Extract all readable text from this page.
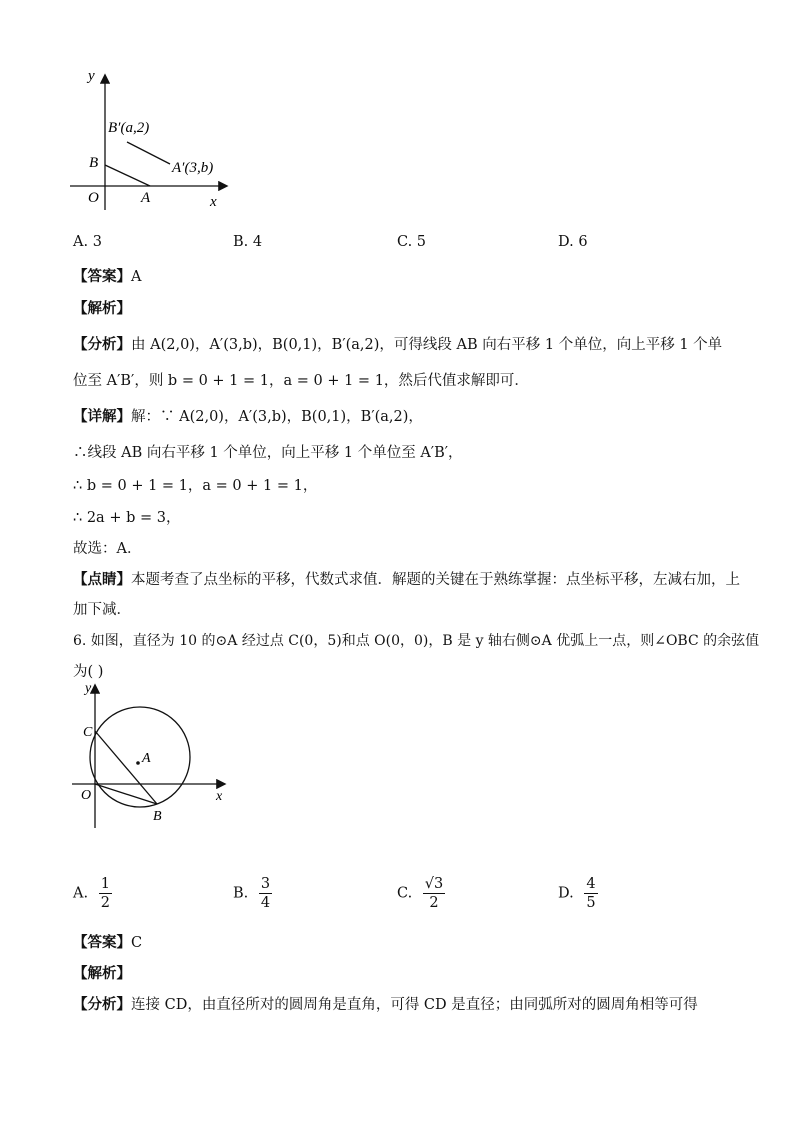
y
x
O	A
B
B′(a,2)
A′(3,b)
A. 3	B. 4	C. 5	D. 6
【答案】A
【解析】
【分析】由 A(2,0)，A′(3,b)，B(0,1)，B′(a,2)，可得线段 AB 向右平移 1 个单位，向上平移 1 个单
位至 A′B′，则 b = 0 + 1 = 1，a = 0 + 1 = 1，然后代值求解即可．
【详解】解：∵ A(2,0)，A′(3,b)，B(0,1)，B′(a,2)，
∴线段 AB 向右平移 1 个单位，向上平移 1 个单位至 A′B′，
∴ b = 0 + 1 = 1，a = 0 + 1 = 1，
∴ 2a + b = 3，
故选：A．
【点睛】本题考查了点坐标的平移，代数式求值．解题的关键在于熟练掌握：点坐标平移，左减右加，上
加下减．
6. 如图，直径为 10 的⊙A 经过点 C(0，5)和点 O(0，0)，B 是 y 轴右侧⊙A 优弧上一点，则∠OBC 的余弦值
为( )
y
x
O
C
A
B
A. $\frac{1}{2}$	B. $\frac{3}{4}$	C. $\frac{√3}{2}$	D. $\frac{4}{5}$
【答案】C
【解析】
【分析】连接 CD，由直径所对的圆周角是直角，可得 CD 是直径；由同弧所对的圆周角相等可得
